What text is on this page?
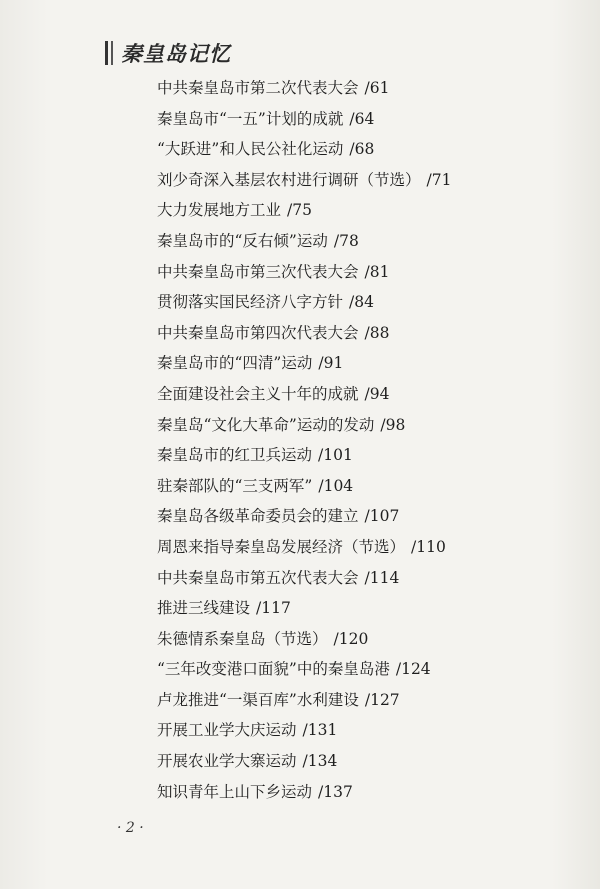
秦皇岛记忆
中共秦皇岛市第二次代表大会 /61
秦皇岛市“一五”计划的成就 /64
“大跃进”和人民公社化运动 /68
刘少奇深入基层农村进行调研（节选） /71
大力发展地方工业 /75
秦皇岛市的“反右倾”运动 /78
中共秦皇岛市第三次代表大会 /81
贯彻落实国民经济八字方针 /84
中共秦皇岛市第四次代表大会 /88
秦皇岛市的“四清”运动 /91
全面建设社会主义十年的成就 /94
秦皇岛“文化大革命”运动的发动 /98
秦皇岛市的红卫兵运动 /101
驻秦部队的“三支两军” /104
秦皇岛各级革命委员会的建立 /107
周恩来指导秦皇岛发展经济（节选） /110
中共秦皇岛市第五次代表大会 /114
推进三线建设 /117
朱德情系秦皇岛（节选） /120
“三年改变港口面貌”中的秦皇岛港 /124
卢龙推进“一渠百库”水利建设 /127
开展工业学大庆运动 /131
开展农业学大寨运动 /134
知识青年上山下乡运动 /137
· 2 ·
